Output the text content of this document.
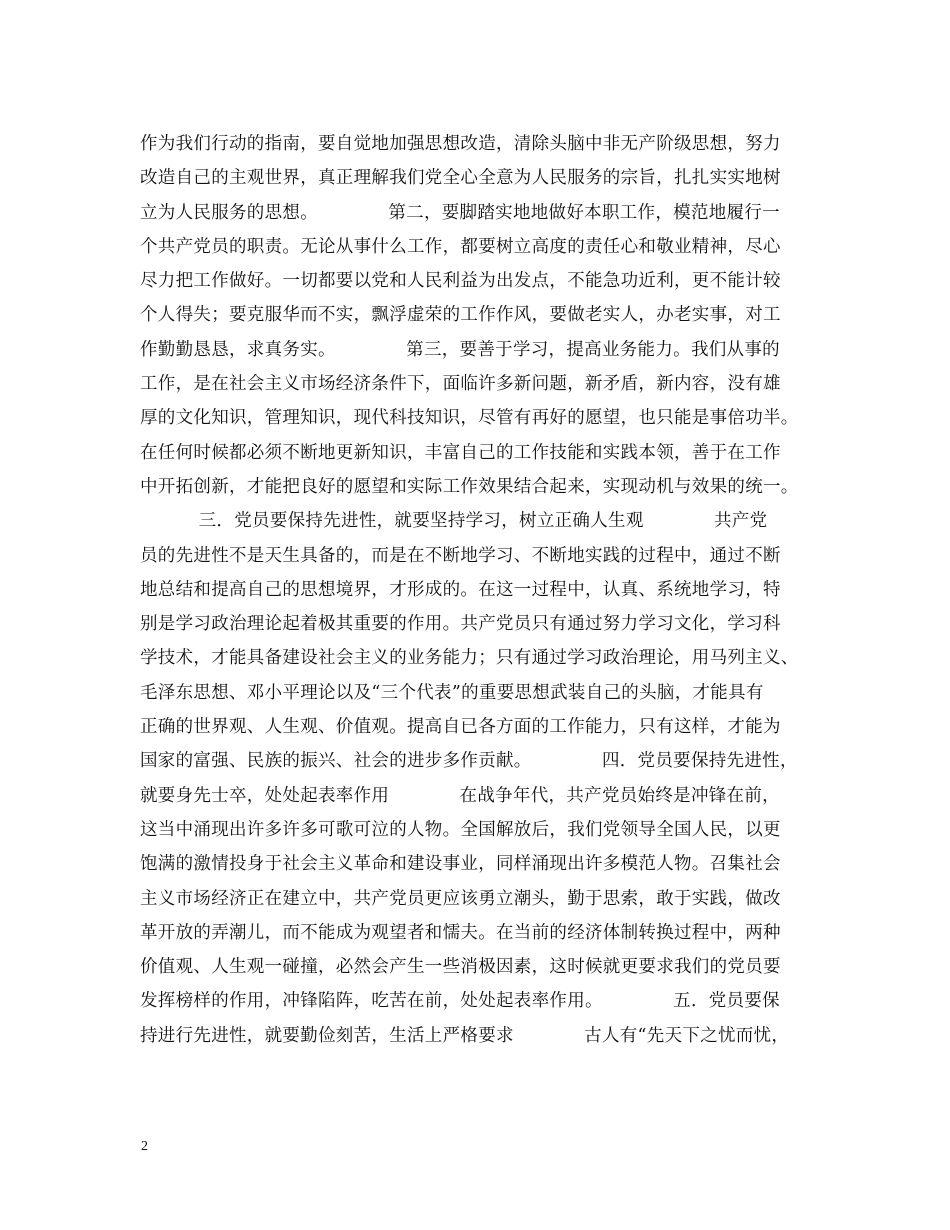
作为我们行动的指南，要自觉地加强思想改造，清除头脑中非无产阶级思想，努力
改造自己的主观世界，真正理解我们党全心全意为人民服务的宗旨，扎扎实实地树
立为人民服务的思想。            第二，要脚踏实地地做好本职工作，模范地履行一
个共产党员的职责。无论从事什么工作，都要树立高度的责任心和敬业精神，尽心
尽力把工作做好。一切都要以党和人民利益为出发点，不能急功近利，更不能计较
个人得失；要克服华而不实，飘浮虚荣的工作作风，要做老实人，办老实事，对工
作勤勤恳恳，求真务实。            第三，要善于学习，提高业务能力。我们从事的
工作，是在社会主义市场经济条件下，面临许多新问题，新矛盾，新内容，没有雄
厚的文化知识，管理知识，现代科技知识，尽管有再好的愿望，也只能是事倍功半。
在任何时候都必须不断地更新知识，丰富自己的工作技能和实践本领，善于在工作
中开拓创新，才能把良好的愿望和实际工作效果结合起来，实现动机与效果的统一。
三．党员要保持先进性，就要坚持学习，树立正确人生观            共产党
员的先进性不是天生具备的，而是在不断地学习、不断地实践的过程中，通过不断
地总结和提高自己的思想境界，才形成的。在这一过程中，认真、系统地学习，特
别是学习政治理论起着极其重要的作用。共产党员只有通过努力学习文化，学习科
学技术，才能具备建设社会主义的业务能力；只有通过学习政治理论，用马列主义、
毛泽东思想、邓小平理论以及“三个代表”的重要思想武装自己的头脑，才能具有
正确的世界观、人生观、价值观。提高自已各方面的工作能力，只有这样，才能为
国家的富强、民族的振兴、社会的进步多作贡献。            四．党员要保持先进性，
就要身先士卒，处处起表率作用            在战争年代，共产党员始终是冲锋在前，
这当中涌现出许多许多可歌可泣的人物。全国解放后，我们党领导全国人民，以更
饱满的激情投身于社会主义革命和建设事业，同样涌现出许多模范人物。召集社会
主义市场经济正在建立中，共产党员更应该勇立潮头，勤于思索，敢于实践，做改
革开放的弄潮儿，而不能成为观望者和懦夫。在当前的经济体制转换过程中，两种
价值观、人生观一碰撞，必然会产生一些消极因素，这时候就更要求我们的党员要
发挥榜样的作用，冲锋陷阵，吃苦在前，处处起表率作用。            五．党员要保
持进行先进性，就要勤俭刻苦，生活上严格要求            古人有“先天下之忧而忧，
2
